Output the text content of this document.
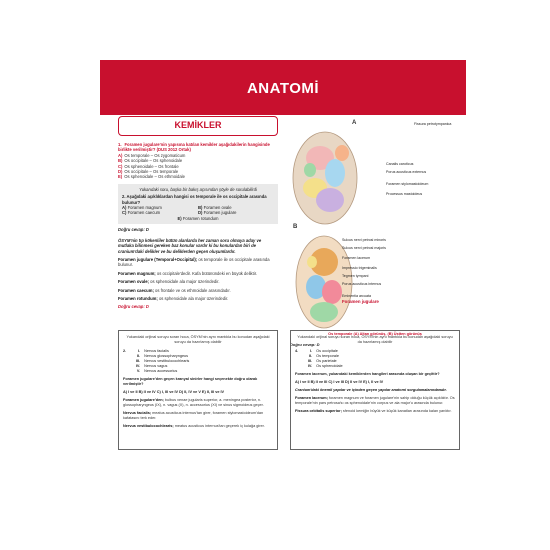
ANATOMİ
KEMİKLER
1. Foramen jugulare'nin yapısına katılan kemikler aşağıdakilerin hangisinde birlikte verilmiştir? (DUS 2012 Ortak)
A) Os temporale – Os zygomaticum
B) Os occipitale – Os sphenoidale
C) Os sphenoidale – Os frontale
D) Os occipitale – Os temporale
E) Os sphenoidale – Os ethmoidale
Yukarıdaki soru, başka bir bakış açısından şöyle de sorulabilirdi
2. Aşağıdaki açıklıklardan hangisi os temporale ile os occipitale arasında bulunur?
A) Foramen magnum	B) Foramen ovale
C) Foramen caecum	D) Foramen jugulare
E) Foramen rotundum
Doğru cevap: D
ÖSYM'nin tıp kökenliler bütün alanlarda her zaman soru olmaya aday ve mutlaka bilinmesi gereken baz konular vardır ki bu konulardan biri de cranium'daki delikler ve bu deliklerden geçen oluşumlardır.
Foramen jugulare (Temporal+Occipital); os temporale ile os occipitale arasında bulunur.
Foramen magnum; os occipitale'dedir. Kafa bütünündeki en büyük deliktir.
Foramen ovale; os sphenoidale ala major üzerindedir.
Foramen caecum; os frontale ve os ethmoidale arasındadır.
Foramen rotundum; os sphenoidale ala major üzerindedir.
Doğru cevap: D
A	Fissura petrotympanica
Canalis caroticus
Porus acusticus externus
Foramen stylomastoideum
Processus mastoideus
B
Sulcus nervi petrosi minoris
Sulcus nervi petrosi majoris
Foramen lacerum
Impressio trigeminalis
Tegmen tympani
Porus acusticus internus
Eminentia arcuata
Foramen jugulare
Os temporale (A) Altan görünüş, (B) Üstten görünüş
Doğru cevap: D
Yukarıdaki orijinal soruyu soran hoca, ÖSYM'nin aynı mantıkla bu konudan aşağıdaki soruyu da hazırlamış olabilir
2.	I. Nervus facialis
II. Nervus glossopharyngeus
III. Nervus vestibulocochlearis
IV. Nervus vagus
V. Nervus accessorius
Foramen jugulare'den geçen kranyal sinirler hangi seçenekte doğru olarak verilmiştir?
A) I ve II B) II ve IV C) I, III ve IV D) II, IV ve V E) II, III ve IV
Foramen jugulare'den; bulbus venae jugularis superior, a. meningea posterior, n. glossopharyngeus (IX), n. vagus (X), n. accessorius (XI) ve sinus sigmoideus geçer.
Nervus facialis; meatus acusticus internus'tan girer, foramen stylomastoideum'dan kafatasını terk eder.
Nervus vestibulocochlearis; meatus acusticus internus'tan geçerek iç kulağa girer.
Yukarıdaki orijinal soruyu soran hoca, ÖSYM'nin aynı mantıkla bu konudan aşağıdaki soruyu da hazırlamış olabilir
4.	I. Os occipitale
II. Os temporale
III. Os parietale
IV. Os sphenoidale
Foramen lacerum, yukarıdaki kemiklerden hangileri arasında oluşan bir geçittir?
A) I ve II B) II ve III C) I ve III D) II ve IV E) I, II ve IV
Cranium'daki önemli yapılar ve içinden geçen yapılar anatomi sorgulamalarındandır.
Foramen lacerum; foramen magnum ve foramen jugulare'nin sahip olduğu küçük açıklıktır. Os temporale'nin pars petrosa'sı os sphenoidale'nin corpus ve ala major'u arasında bulunur.
Fissura orbitalis superior; sfenoid kemiğin büyük ve küçük kanatları arasında kalan yarıktır.
